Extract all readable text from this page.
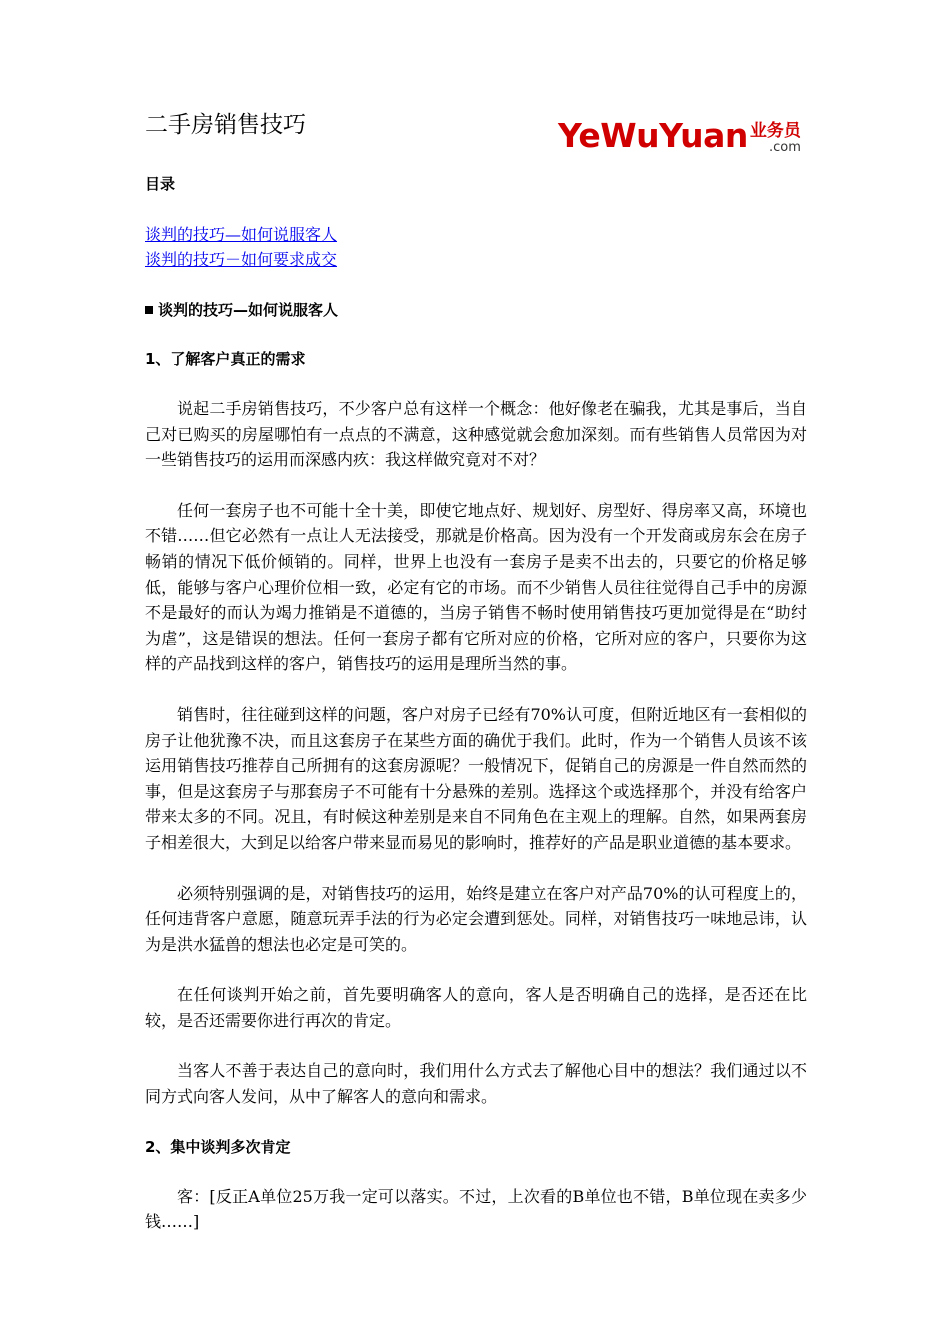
二手房销售技巧	YeWuYuan 业务员
.com
目录
谈判的技巧—如何说服客人
谈判的技巧－如何要求成交
谈判的技巧—如何说服客人
1、了解客户真正的需求

说起二手房销售技巧，不少客户总有这样一个概念：他好像老在骗我，尤其是事后，当自己对已购买的房屋哪怕有一点点的不满意，这种感觉就会愈加深刻。而有些销售人员常因为对一些销售技巧的运用而深感内疚：我这样做究竟对不对？

任何一套房子也不可能十全十美，即使它地点好、规划好、房型好、得房率又高，环境也不错……但它必然有一点让人无法接受，那就是价格高。因为没有一个开发商或房东会在房子畅销的情况下低价倾销的。同样，世界上也没有一套房子是卖不出去的，只要它的价格足够低，能够与客户心理价位相一致，必定有它的市场。而不少销售人员往往觉得自己手中的房源不是最好的而认为竭力推销是不道德的，当房子销售不畅时使用销售技巧更加觉得是在“助纣为虐”，这是错误的想法。任何一套房子都有它所对应的价格，它所对应的客户，只要你为这样的产品找到这样的客户，销售技巧的运用是理所当然的事。

销售时，往往碰到这样的问题，客户对房子已经有70%认可度，但附近地区有一套相似的房子让他犹豫不决，而且这套房子在某些方面的确优于我们。此时，作为一个销售人员该不该运用销售技巧推荐自己所拥有的这套房源呢？一般情况下，促销自己的房源是一件自然而然的事，但是这套房子与那套房子不可能有十分悬殊的差别。选择这个或选择那个，并没有给客户带来太多的不同。况且，有时候这种差别是来自不同角色在主观上的理解。自然，如果两套房子相差很大，大到足以给客户带来显而易见的影响时，推荐好的产品是职业道德的基本要求。

必须特别强调的是，对销售技巧的运用，始终是建立在客户对产品70%的认可程度上的，任何违背客户意愿，随意玩弄手法的行为必定会遭到惩处。同样，对销售技巧一味地忌讳，认为是洪水猛兽的想法也必定是可笑的。

在任何谈判开始之前，首先要明确客人的意向，客人是否明确自己的选择，是否还在比较，是否还需要你进行再次的肯定。

当客人不善于表达自己的意向时，我们用什么方式去了解他心目中的想法？我们通过以不同方式向客人发问，从中了解客人的意向和需求。

2、集中谈判多次肯定

客：[反正A单位25万我一定可以落实。不过，上次看的B单位也不错，B单位现在卖多少钱……]
